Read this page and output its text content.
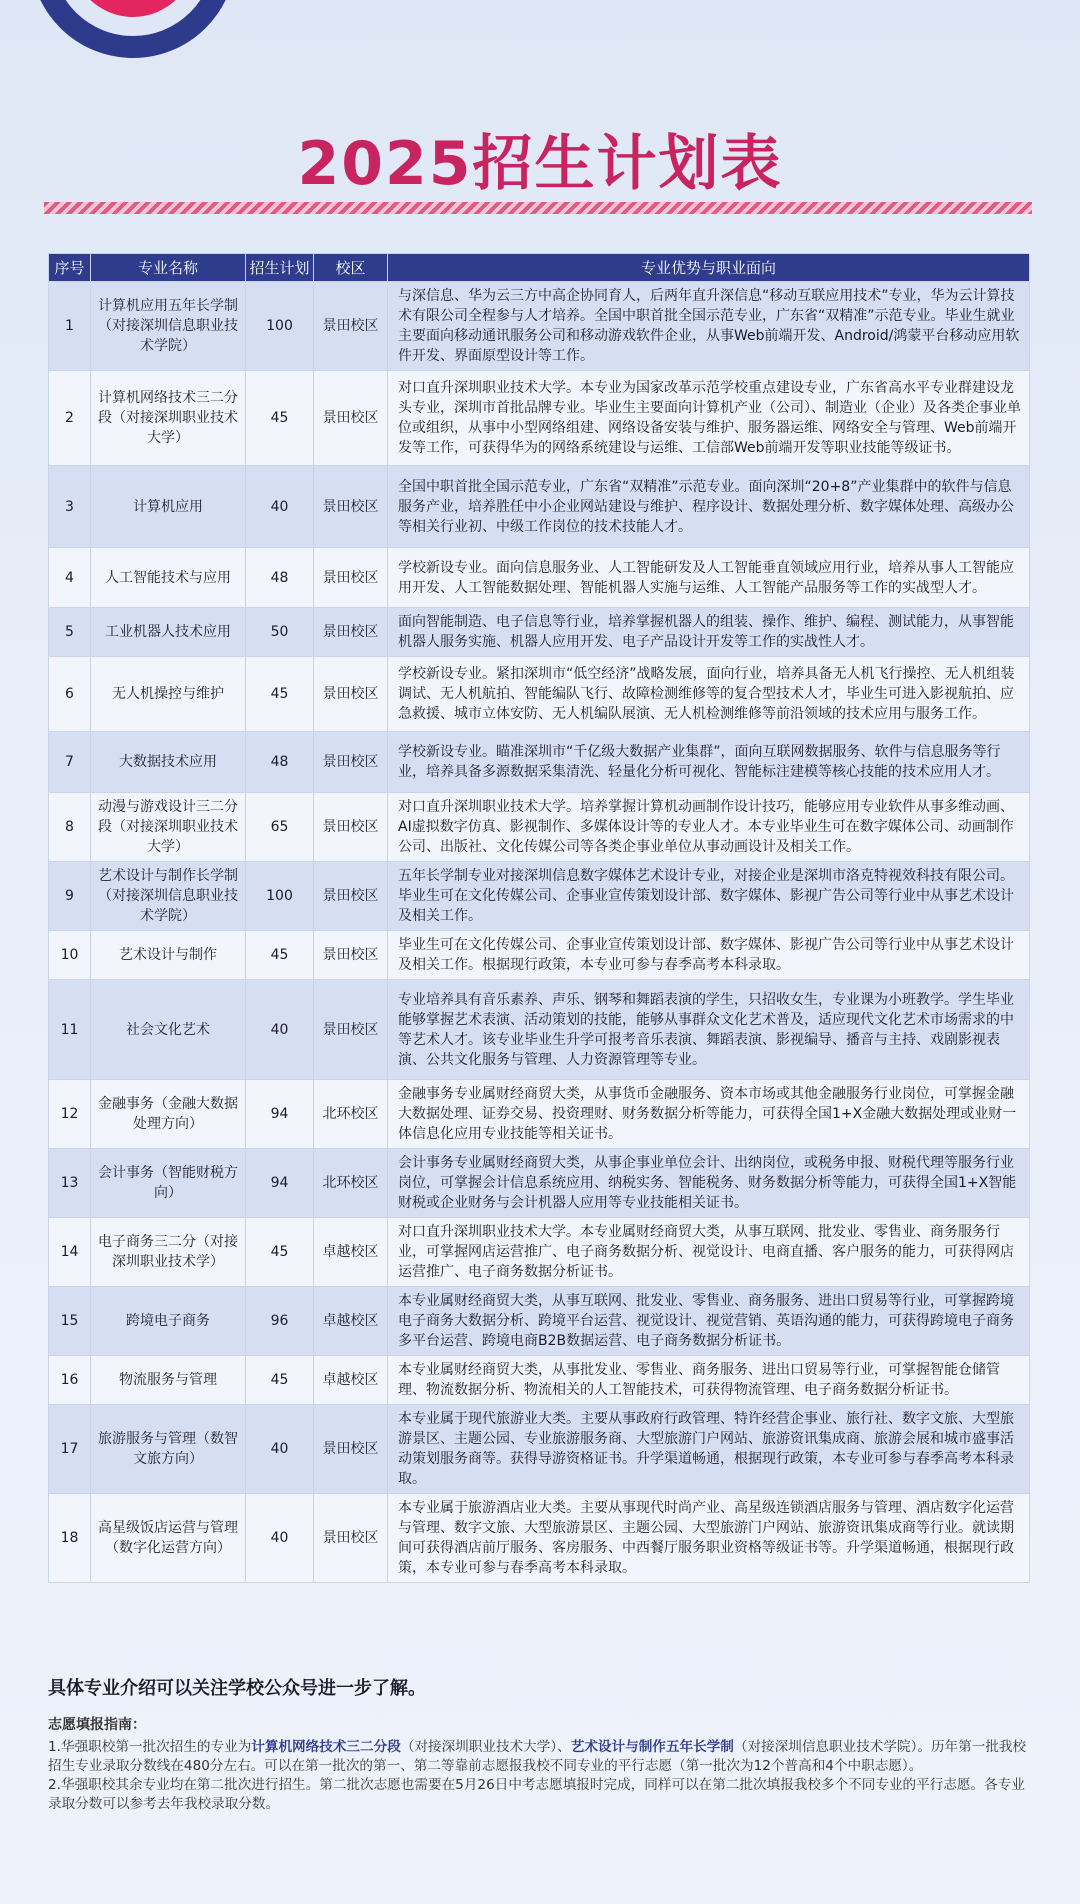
2025招生计划表
序号	专业名称	招生计划	校区	专业优势与职业面向
1	计算机应用五年长学制（对接深圳信息职业技术学院）	100	景田校区	与深信息、华为云三方中高企协同育人，后两年直升深信息“移动互联应用技术”专业，华为云计算技术有限公司全程参与人才培养。全国中职首批全国示范专业，广东省“双精准”示范专业。毕业生就业主要面向移动通讯服务公司和移动游戏软件企业，从事Web前端开发、Android/鸿蒙平台移动应用软件开发、界面原型设计等工作。
2	计算机网络技术三二分段（对接深圳职业技术大学）	45	景田校区	对口直升深圳职业技术大学。本专业为国家改革示范学校重点建设专业，广东省高水平专业群建设龙头专业，深圳市首批品牌专业。毕业生主要面向计算机产业（公司）、制造业（企业）及各类企事业单位或组织，从事中小型网络组建、网络设备安装与维护、服务器运维、网络安全与管理、Web前端开发等工作，可获得华为的网络系统建设与运维、工信部Web前端开发等职业技能等级证书。
3	计算机应用	40	景田校区	全国中职首批全国示范专业，广东省“双精准”示范专业。面向深圳“20+8”产业集群中的软件与信息服务产业，培养胜任中小企业网站建设与维护、程序设计、数据处理分析、数字媒体处理、高级办公等相关行业初、中级工作岗位的技术技能人才。
4	人工智能技术与应用	48	景田校区	学校新设专业。面向信息服务业、人工智能研发及人工智能垂直领域应用行业，培养从事人工智能应用开发、人工智能数据处理、智能机器人实施与运维、人工智能产品服务等工作的实战型人才。
5	工业机器人技术应用	50	景田校区	面向智能制造、电子信息等行业，培养掌握机器人的组装、操作、维护、编程、测试能力，从事智能机器人服务实施、机器人应用开发、电子产品设计开发等工作的实战性人才。
6	无人机操控与维护	45	景田校区	学校新设专业。紧扣深圳市“低空经济”战略发展，面向行业，培养具备无人机飞行操控、无人机组装调试、无人机航拍、智能编队飞行、故障检测维修等的复合型技术人才，毕业生可进入影视航拍、应急救援、城市立体安防、无人机编队展演、无人机检测维修等前沿领域的技术应用与服务工作。
7	大数据技术应用	48	景田校区	学校新设专业。瞄准深圳市“千亿级大数据产业集群”，面向互联网数据服务、软件与信息服务等行业，培养具备多源数据采集清洗、轻量化分析可视化、智能标注建模等核心技能的技术应用人才。
8	动漫与游戏设计三二分段（对接深圳职业技术大学）	65	景田校区	对口直升深圳职业技术大学。培养掌握计算机动画制作设计技巧，能够应用专业软件从事多维动画、AI虚拟数字仿真、影视制作、多媒体设计等的专业人才。本专业毕业生可在数字媒体公司、动画制作公司、出版社、文化传媒公司等各类企事业单位从事动画设计及相关工作。
9	艺术设计与制作长学制（对接深圳信息职业技术学院）	100	景田校区	五年长学制专业对接深圳信息数字媒体艺术设计专业，对接企业是深圳市洛克特视效科技有限公司。毕业生可在文化传媒公司、企事业宣传策划设计部、数字媒体、影视广告公司等行业中从事艺术设计及相关工作。
10	艺术设计与制作	45	景田校区	毕业生可在文化传媒公司、企事业宣传策划设计部、数字媒体、影视广告公司等行业中从事艺术设计及相关工作。根据现行政策，本专业可参与春季高考本科录取。
11	社会文化艺术	40	景田校区	专业培养具有音乐素养、声乐、钢琴和舞蹈表演的学生，只招收女生，专业课为小班教学。学生毕业能够掌握艺术表演、活动策划的技能，能够从事群众文化艺术普及，适应现代文化艺术市场需求的中等艺术人才。该专业毕业生升学可报考音乐表演、舞蹈表演、影视编导、播音与主持、戏剧影视表演、公共文化服务与管理、人力资源管理等专业。
12	金融事务（金融大数据处理方向）	94	北环校区	金融事务专业属财经商贸大类，从事货币金融服务、资本市场或其他金融服务行业岗位，可掌握金融大数据处理、证券交易、投资理财、财务数据分析等能力，可获得全国1+X金融大数据处理或业财一体信息化应用专业技能等相关证书。
13	会计事务（智能财税方向）	94	北环校区	会计事务专业属财经商贸大类，从事企事业单位会计、出纳岗位，或税务申报、财税代理等服务行业岗位，可掌握会计信息系统应用、纳税实务、智能税务、财务数据分析等能力，可获得全国1+X智能财税或企业财务与会计机器人应用等专业技能相关证书。
14	电子商务三二分（对接深圳职业技术学）	45	卓越校区	对口直升深圳职业技术大学。本专业属财经商贸大类，从事互联网、批发业、零售业、商务服务行业，可掌握网店运营推广、电子商务数据分析、视觉设计、电商直播、客户服务的能力，可获得网店运营推广、电子商务数据分析证书。
15	跨境电子商务	96	卓越校区	本专业属财经商贸大类，从事互联网、批发业、零售业、商务服务、进出口贸易等行业，可掌握跨境电子商务大数据分析、跨境平台运营、视觉设计、视觉营销、英语沟通的能力，可获得跨境电子商务多平台运营、跨境电商B2B数据运营、电子商务数据分析证书。
16	物流服务与管理	45	卓越校区	本专业属财经商贸大类，从事批发业、零售业、商务服务、进出口贸易等行业，可掌握智能仓储管理、物流数据分析、物流相关的人工智能技术，可获得物流管理、电子商务数据分析证书。
17	旅游服务与管理（数智文旅方向）	40	景田校区	本专业属于现代旅游业大类。主要从事政府行政管理、特许经营企事业、旅行社、数字文旅、大型旅游景区、主题公园、专业旅游服务商、大型旅游门户网站、旅游资讯集成商、旅游会展和城市盛事活动策划服务商等。获得导游资格证书。升学渠道畅通，根据现行政策，本专业可参与春季高考本科录取。
18	高星级饭店运营与管理（数字化运营方向）	40	景田校区	本专业属于旅游酒店业大类。主要从事现代时尚产业、高星级连锁酒店服务与管理、酒店数字化运营与管理、数字文旅、大型旅游景区、主题公园、大型旅游门户网站、旅游资讯集成商等行业。就读期间可获得酒店前厅服务、客房服务、中西餐厅服务职业资格等级证书等。升学渠道畅通，根据现行政策，本专业可参与春季高考本科录取。
具体专业介绍可以关注学校公众号进一步了解。
志愿填报指南：

1.华强职校第一批次招生的专业为计算机网络技术三二分段（对接深圳职业技术大学）、艺术设计与制作五年长学制（对接深圳信息职业技术学院）。历年第一批我校招生专业录取分数线在480分左右。可以在第一批次的第一、第二等靠前志愿报我校不同专业的平行志愿（第一批次为12个普高和4个中职志愿）。

2.华强职校其余专业均在第二批次进行招生。第二批次志愿也需要在5月26日中考志愿填报时完成，同样可以在第二批次填报我校多个不同专业的平行志愿。各专业录取分数可以参考去年我校录取分数。
